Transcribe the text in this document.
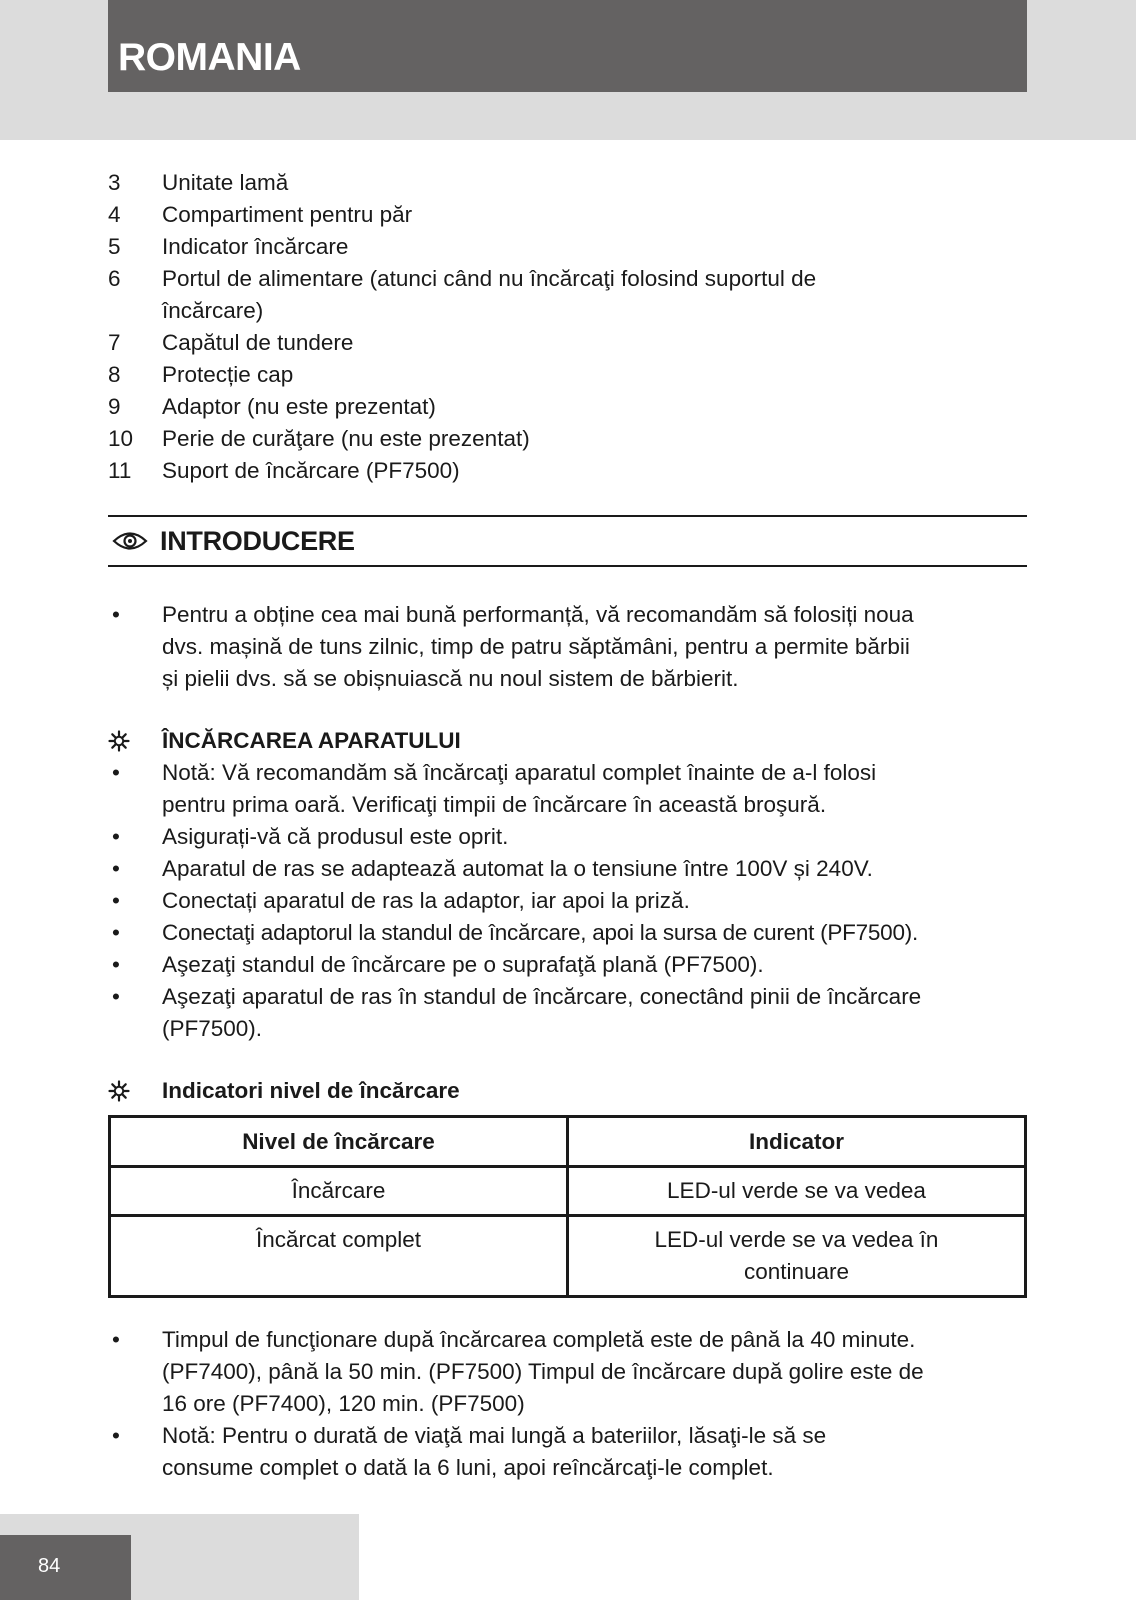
ROMANIA
3	Unitate lamă
4	Compartiment pentru păr
5	Indicator încărcare
6	Portul de alimentare (atunci când nu încărcaţi folosind suportul de
încărcare)
7	Capătul de tundere
8	Protecție cap
9	Adaptor (nu este prezentat)
10	Perie de curăţare (nu este prezentat)
11	Suport de încărcare (PF7500)
INTRODUCERE
•	Pentru a obține cea mai bună performanță, vă recomandăm să folosiți noua
dvs. mașină de tuns zilnic, timp de patru săptămâni, pentru a permite bărbii
și pielii dvs. să se obișnuiască nu noul sistem de bărbierit.
ÎNCĂRCAREA APARATULUI
•	Notă: Vă recomandăm să încărcaţi aparatul complet înainte de a-l folosi
pentru prima oară. Verificaţi timpii de încărcare în această broşură.
•	Asigurați-vă că produsul este oprit.
•	Aparatul de ras se adaptează automat la o tensiune între 100V și 240V.
•	Conectați aparatul de ras la adaptor, iar apoi la priză.
•	Conectaţi adaptorul la standul de încărcare, apoi la sursa de curent (PF7500).
•	Aşezaţi standul de încărcare pe o suprafaţă plană (PF7500).
•	Aşezaţi aparatul de ras în standul de încărcare, conectând pinii de încărcare
(PF7500).
Indicatori nivel de încărcare
Nivel de încărcare	Indicator
Încărcare	LED-ul verde se va vedea
Încărcat complet	LED-ul verde se va vedea în
continuare
•	Timpul de funcţionare după încărcarea completă este de până la 40 minute.
(PF7400), până la 50 min. (PF7500) Timpul de încărcare după golire este de
16 ore (PF7400), 120 min. (PF7500)
•	Notă: Pentru o durată de viaţă mai lungă a bateriilor, lăsaţi-le să se
consume complet o dată la 6 luni, apoi reîncărcaţi-le complet.
84
